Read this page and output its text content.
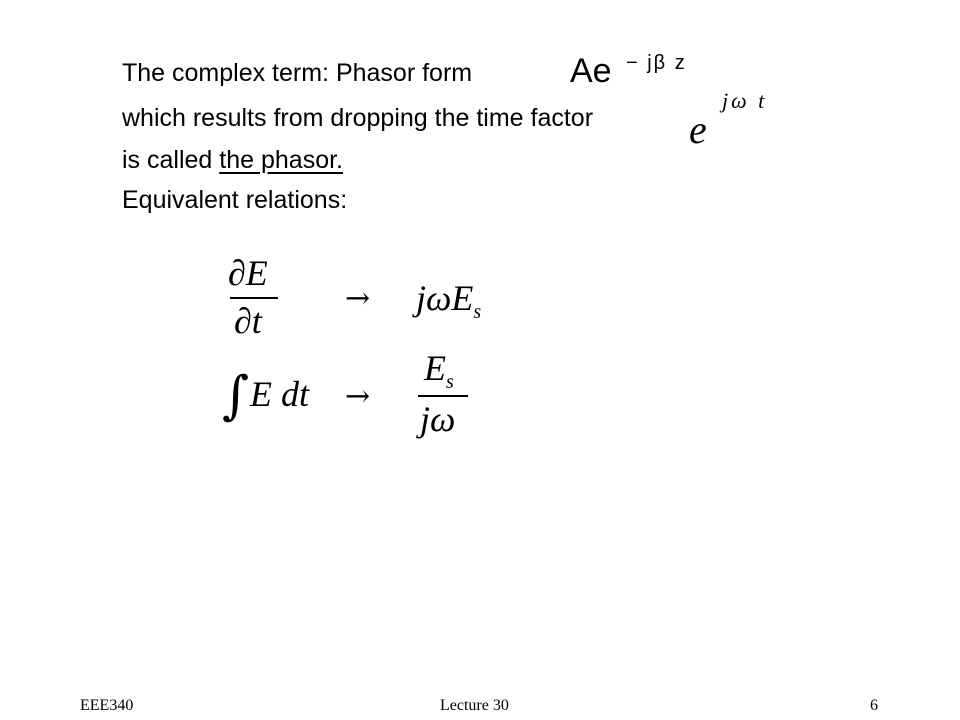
The complex term: Phasor form
which results from dropping the time factor
is called the phasor.
Equivalent relations:
Ae − jβ z
e
jω t
∂E
∂t
→ jωE$_s$
∫ E dt →
$E_s$
jω
EEE340	Lecture 30	6
